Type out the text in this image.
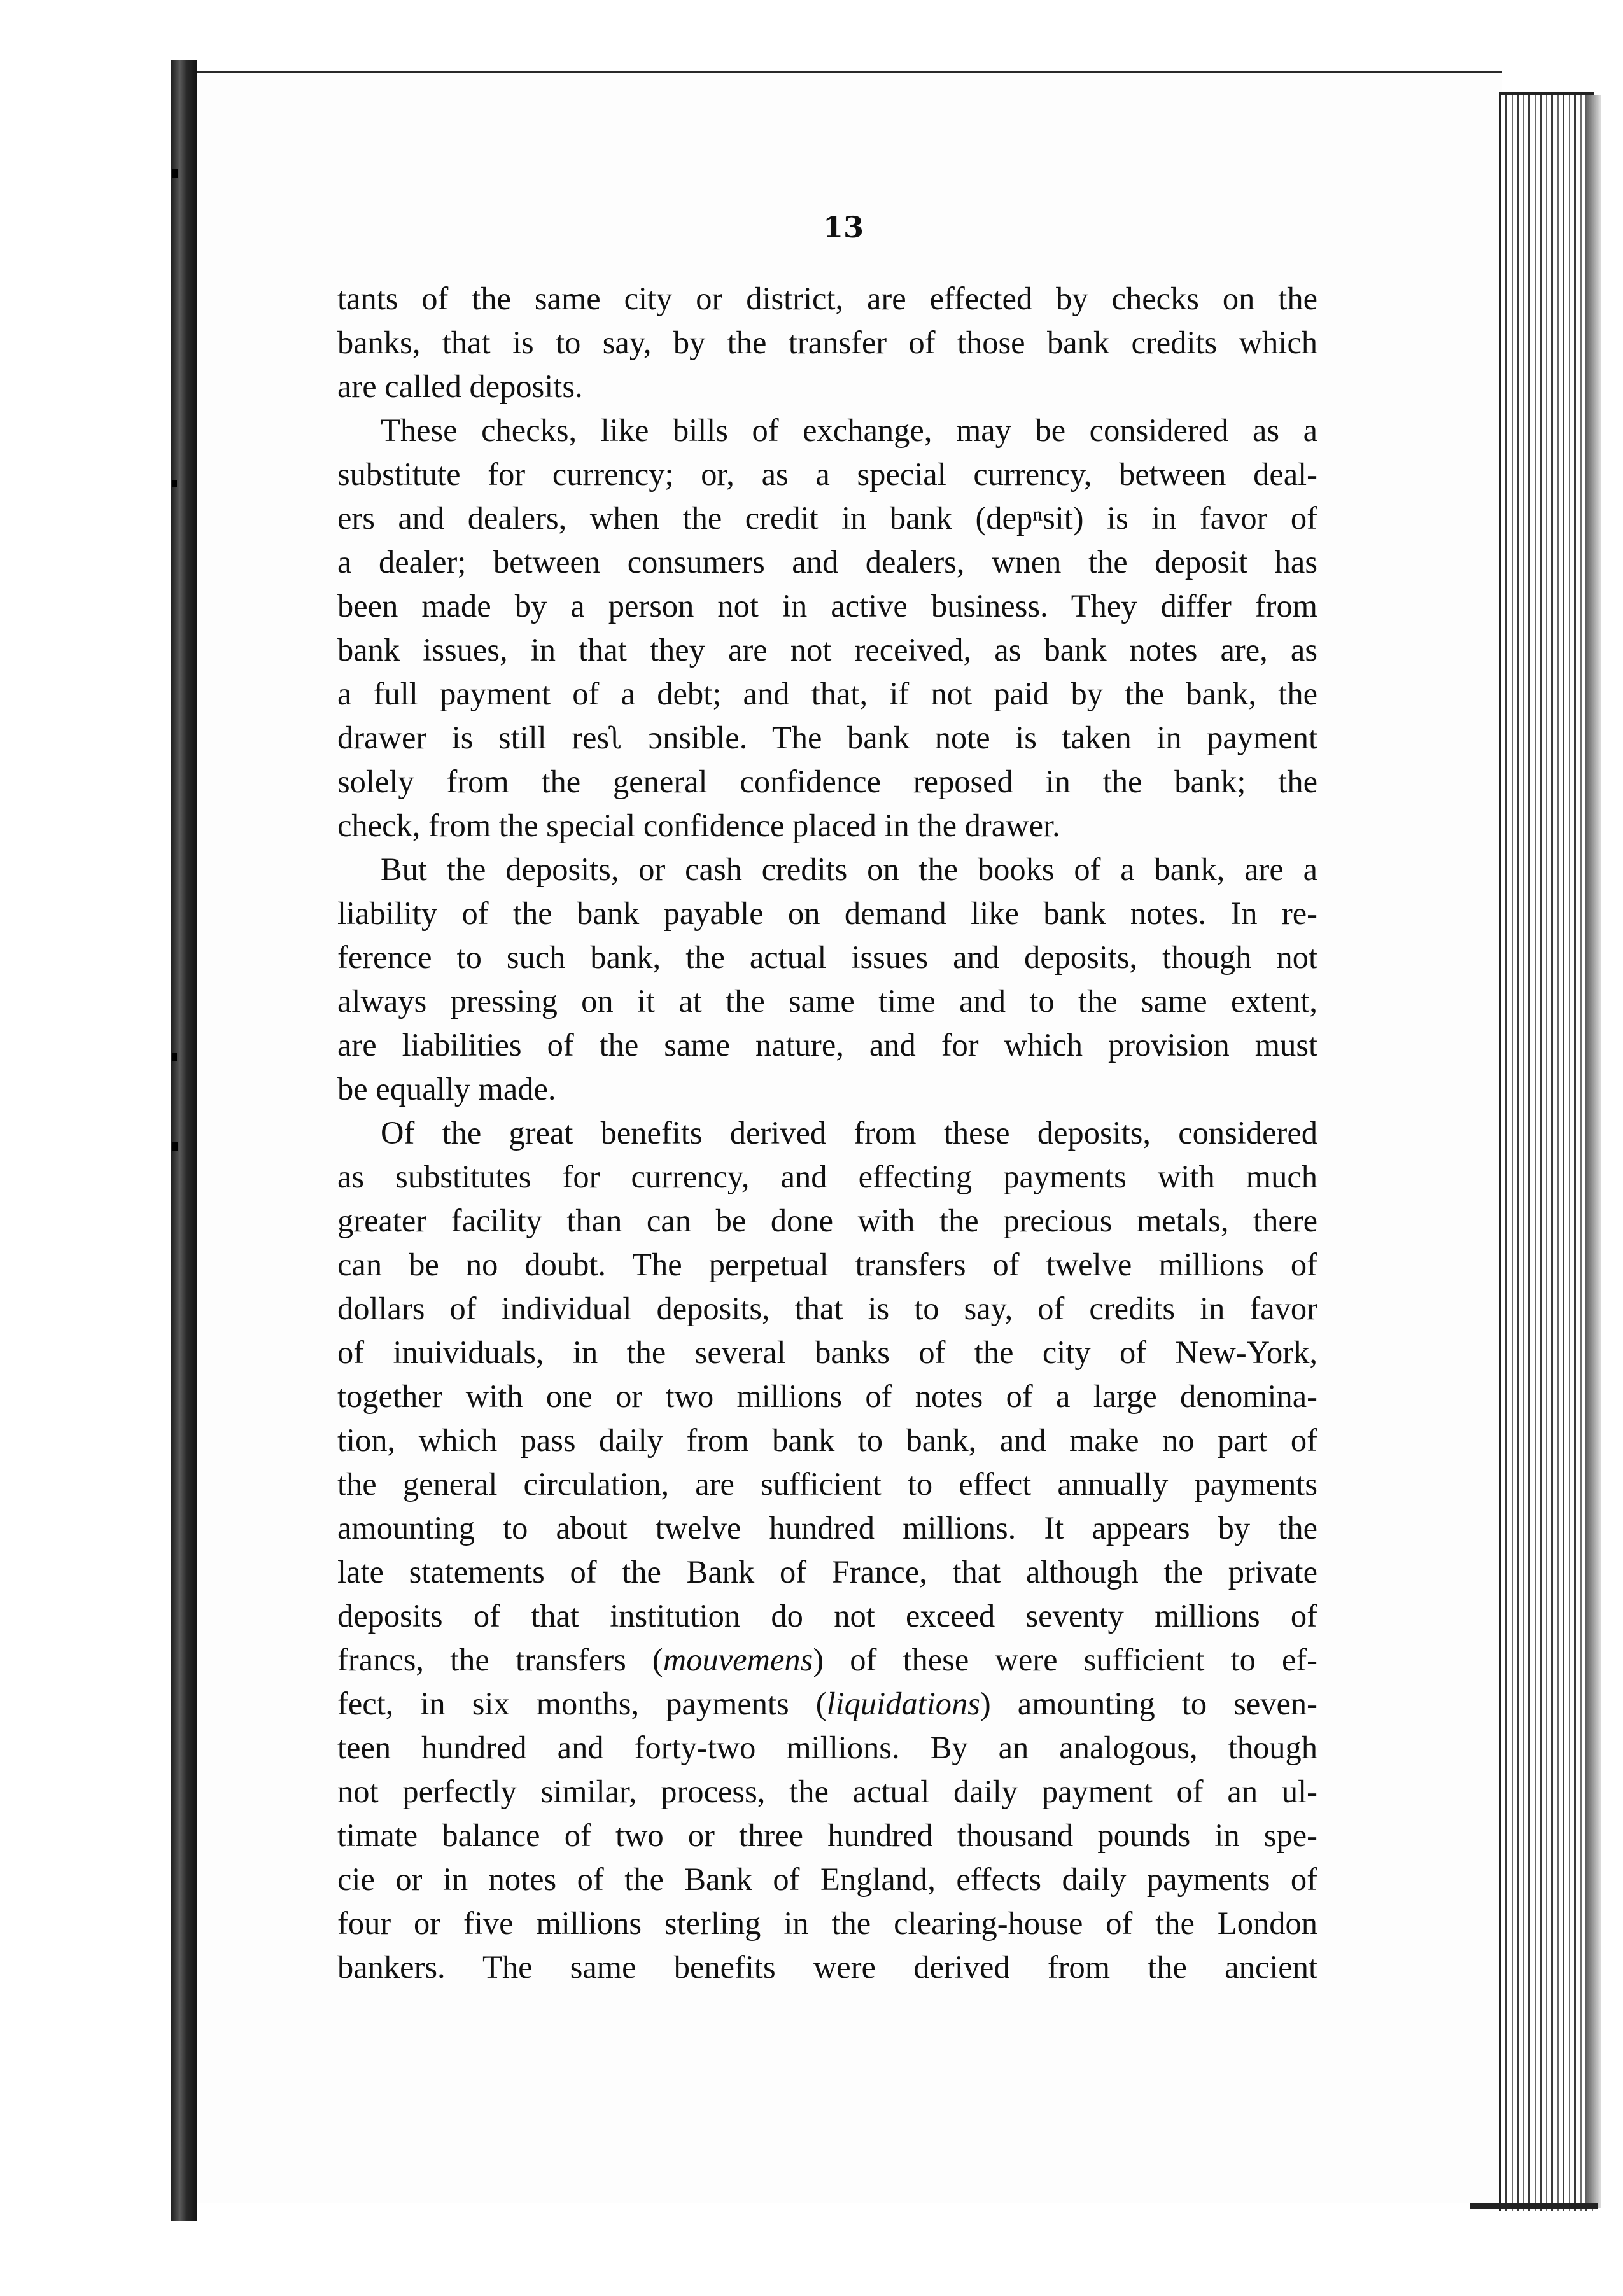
13
tants of the same city or district, are effected by checks on the
banks, that is to say, by the transfer of those bank credits which
are called deposits.
These checks, like bills of exchange, may be considered as a
substitute for currency; or, as a special currency, between deal-
ers and dealers, when the credit in bank (depⁿsit) is in favor of
a dealer; between consumers and dealers, wnen the deposit has
been made by a person not in active business. They differ from
bank issues, in that they are not received, as bank notes are, as
a full payment of a debt; and that, if not paid by the bank, the
drawer is still resʅ ɔnsible. The bank note is taken in payment
solely from the general confidence reposed in the bank; the
check, from the special confidence placed in the drawer.
But the deposits, or cash credits on the books of a bank, are a
liability of the bank payable on demand like bank notes. In re-
ference to such bank, the actual issues and deposits, though not
always pressing on it at the same time and to the same extent,
are liabilities of the same nature, and for which provision must
be equally made.
Of the great benefits derived from these deposits, considered
as substitutes for currency, and effecting payments with much
greater facility than can be done with the precious metals, there
can be no doubt. The perpetual transfers of twelve millions of
dollars of individual deposits, that is to say, of credits in favor
of inuividuals, in the several banks of the city of New-York,
together with one or two millions of notes of a large denomina-
tion, which pass daily from bank to bank, and make no part of
the general circulation, are sufficient to effect annually payments
amounting to about twelve hundred millions. It appears by the
late statements of the Bank of France, that although the private
deposits of that institution do not exceed seventy millions of
francs, the transfers (mouvemens) of these were sufficient to ef-
fect, in six months, payments (liquidations) amounting to seven-
teen hundred and forty-two millions. By an analogous, though
not perfectly similar, process, the actual daily payment of an ul-
timate balance of two or three hundred thousand pounds in spe-
cie or in notes of the Bank of England, effects daily payments of
four or five millions sterling in the clearing-house of the London
bankers. The same benefits were derived from the ancient
